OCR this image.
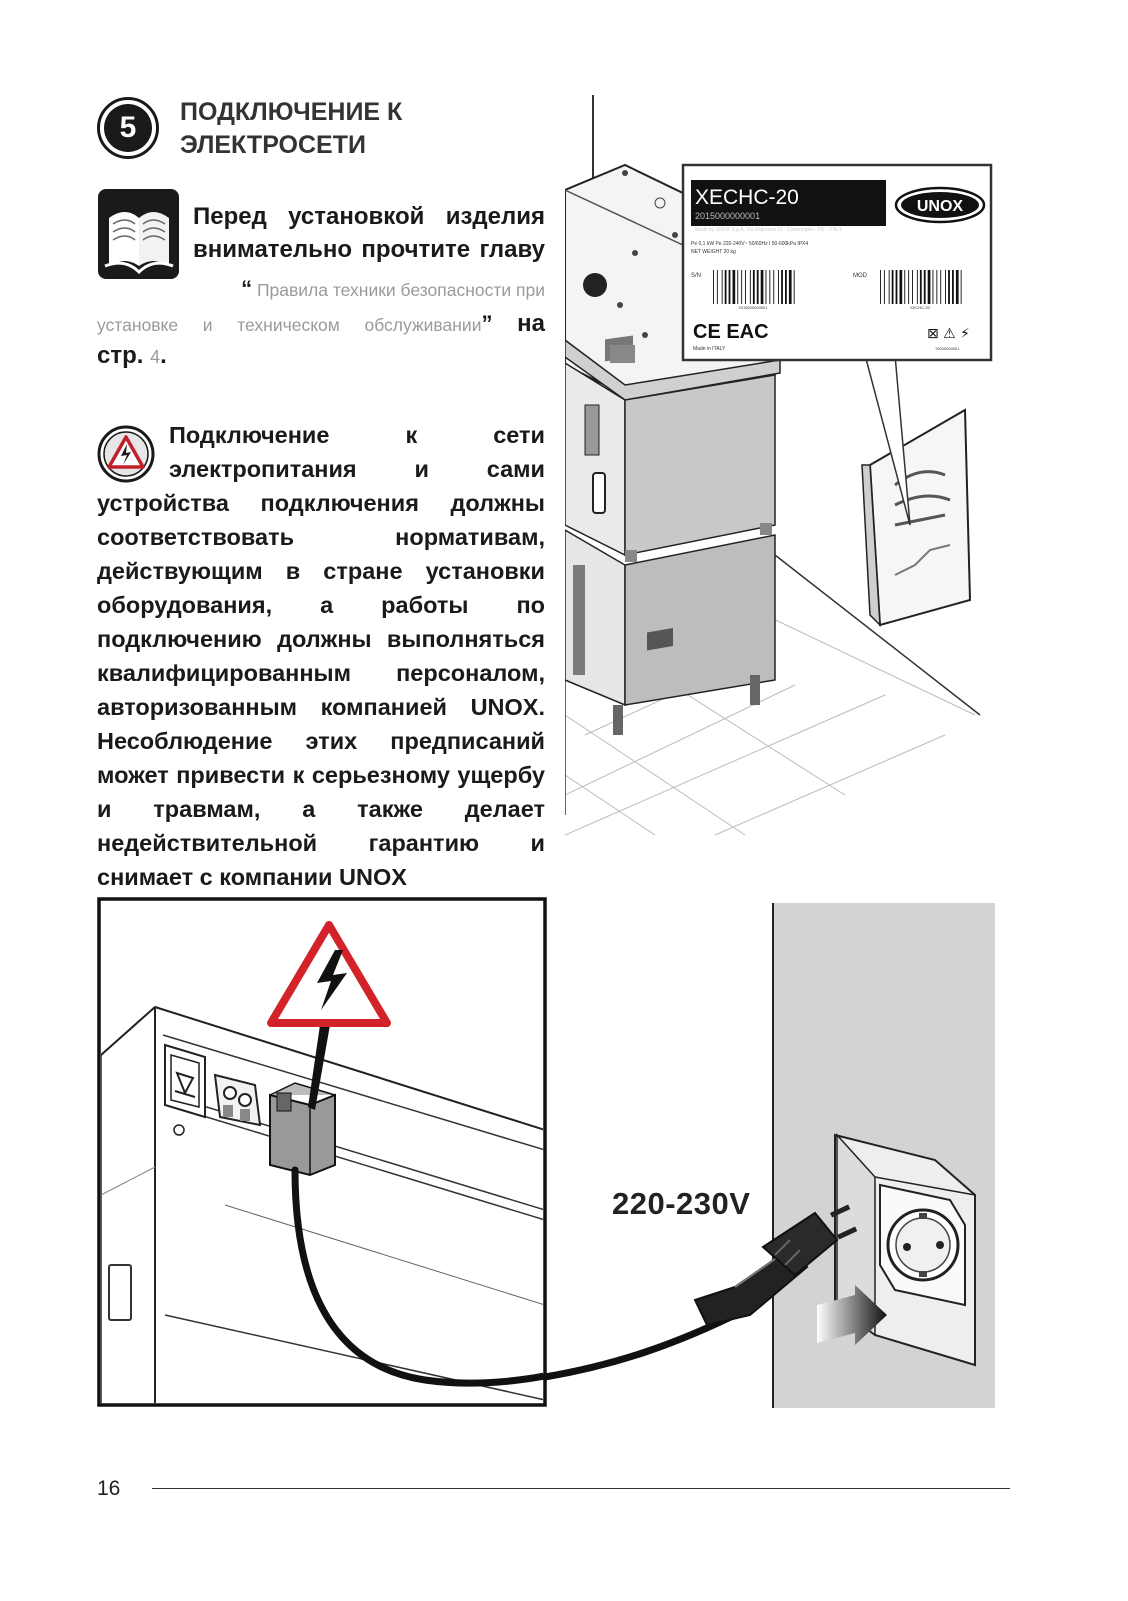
5	ПОДКЛЮЧЕНИЕ К
ЭЛЕКТРОСЕТИ
Перед установкой изделия внимательно прочтите главу
“ Правила техники безопасности при
установке и техническом обслуживании” на
стр. 4.
Подключение к сети электропитания и сами устройства подключения должны соответствовать нормативам, действующим в стране установки оборудования, а работы по подключению должны выполняться квалифицированным персоналом, авторизованным компанией UNOX. Несоблюдение этих предписаний может привести к серьезному ущербу и травмам, а также делает недействительной гарантию и снимает с компании UNOX
XECHC-20
2015000000001
Made by UNOX S.p.A. Via Majorana 22 - Cadoneghe - PD - ITALY
UNOX
Pe 0,1 kW Pe 220-240V~ 50/60Hz I 50-600kPa IPX4
NET WEIGHT 20 kg
S/N	MOD
2015000000001	XECHC-20
CE EAC
Made in ITALY
⊠ ⚠ ⚡
76000000001
220-230V
16
